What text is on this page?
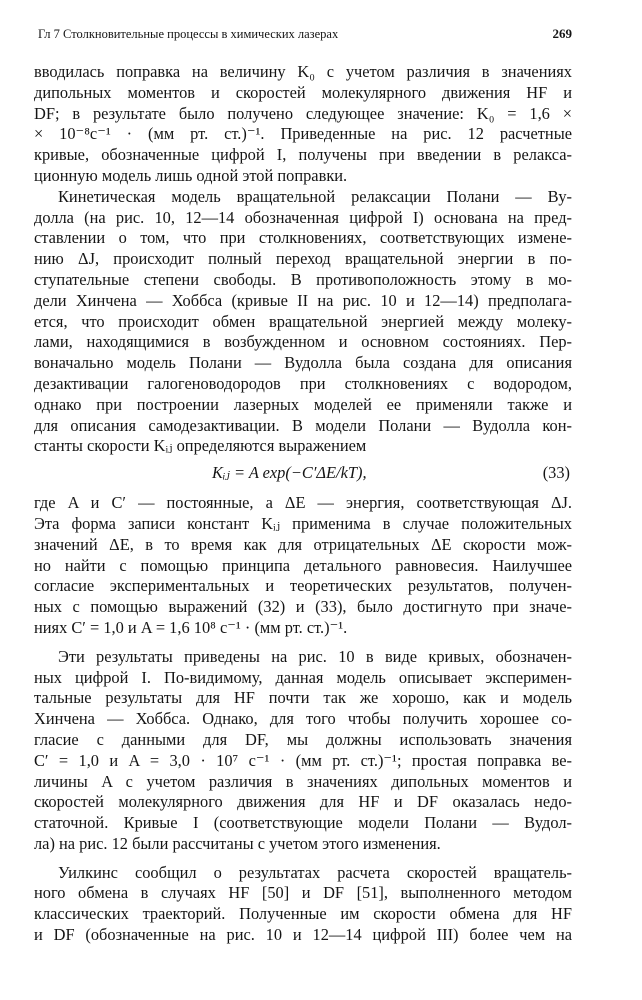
Гл 7 Столкновительные процессы в химических лазерах	269
вводилась поправка на величину K₀ с учетом различия в значениях
дипольных моментов и скоростей молекулярного движения HF и
DF; в результате было получено следующее значение: K₀ = 1,6 ×
× 10⁻⁸с⁻¹ · (мм рт. ст.)⁻¹. Приведенные на рис. 12 расчетные
кривые, обозначенные цифрой I, получены при введении в релакса-
ционную модель лишь одной этой поправки.
Кинетическая модель вращательной релаксации Полани — Ву-
долла (на рис. 10, 12—14 обозначенная цифрой I) основана на пред-
ставлении о том, что при столкновениях, соответствующих измене-
нию ΔJ, происходит полный переход вращательной энергии в по-
ступательные степени свободы. В противоположность этому в мо-
дели Хинчена — Хоббса (кривые II на рис. 10 и 12—14) предполага-
ется, что происходит обмен вращательной энергией между молеку-
лами, находящимися в возбужденном и основном состояниях. Пер-
воначально модель Полани — Вудолла была создана для описания
дезактивации галогеноводородов при столкновениях с водородом,
однако при построении лазерных моделей ее применяли также и
для описания самодезактивации. В модели Полани — Вудолла кон-
станты скорости Kᵢⱼ определяются выражением
Kᵢⱼ = A exp(−C′ΔE/kT),	(33)
где A и C′ — постоянные, а ΔE — энергия, соответствующая ΔJ.
Эта форма записи констант Kᵢⱼ применима в случае положительных
значений ΔE, в то время как для отрицательных ΔE скорости мож-
но найти с помощью принципа детального равновесия. Наилучшее
согласие экспериментальных и теоретических результатов, получен-
ных с помощью выражений (32) и (33), было достигнуто при значе-
ниях C′ = 1,0 и A = 1,6 10⁸ с⁻¹ · (мм рт. ст.)⁻¹.
Эти результаты приведены на рис. 10 в виде кривых, обозначен-
ных цифрой I. По-видимому, данная модель описывает эксперимен-
тальные результаты для HF почти так же хорошо, как и модель
Хинчена — Хоббса. Однако, для того чтобы получить хорошее со-
гласие с данными для DF, мы должны использовать значения
C′ = 1,0 и A = 3,0 · 10⁷ с⁻¹ · (мм рт. ст.)⁻¹; простая поправка ве-
личины A с учетом различия в значениях дипольных моментов и
скоростей молекулярного движения для HF и DF оказалась недо-
статочной. Кривые I (соответствующие модели Полани — Вудол-
ла) на рис. 12 были рассчитаны с учетом этого изменения.
Уилкинс сообщил о результатах расчета скоростей вращатель-
ного обмена в случаях HF [50] и DF [51], выполненного методом
классических траекторий. Полученные им скорости обмена для HF
и DF (обозначенные на рис. 10 и 12—14 цифрой III) более чем на
